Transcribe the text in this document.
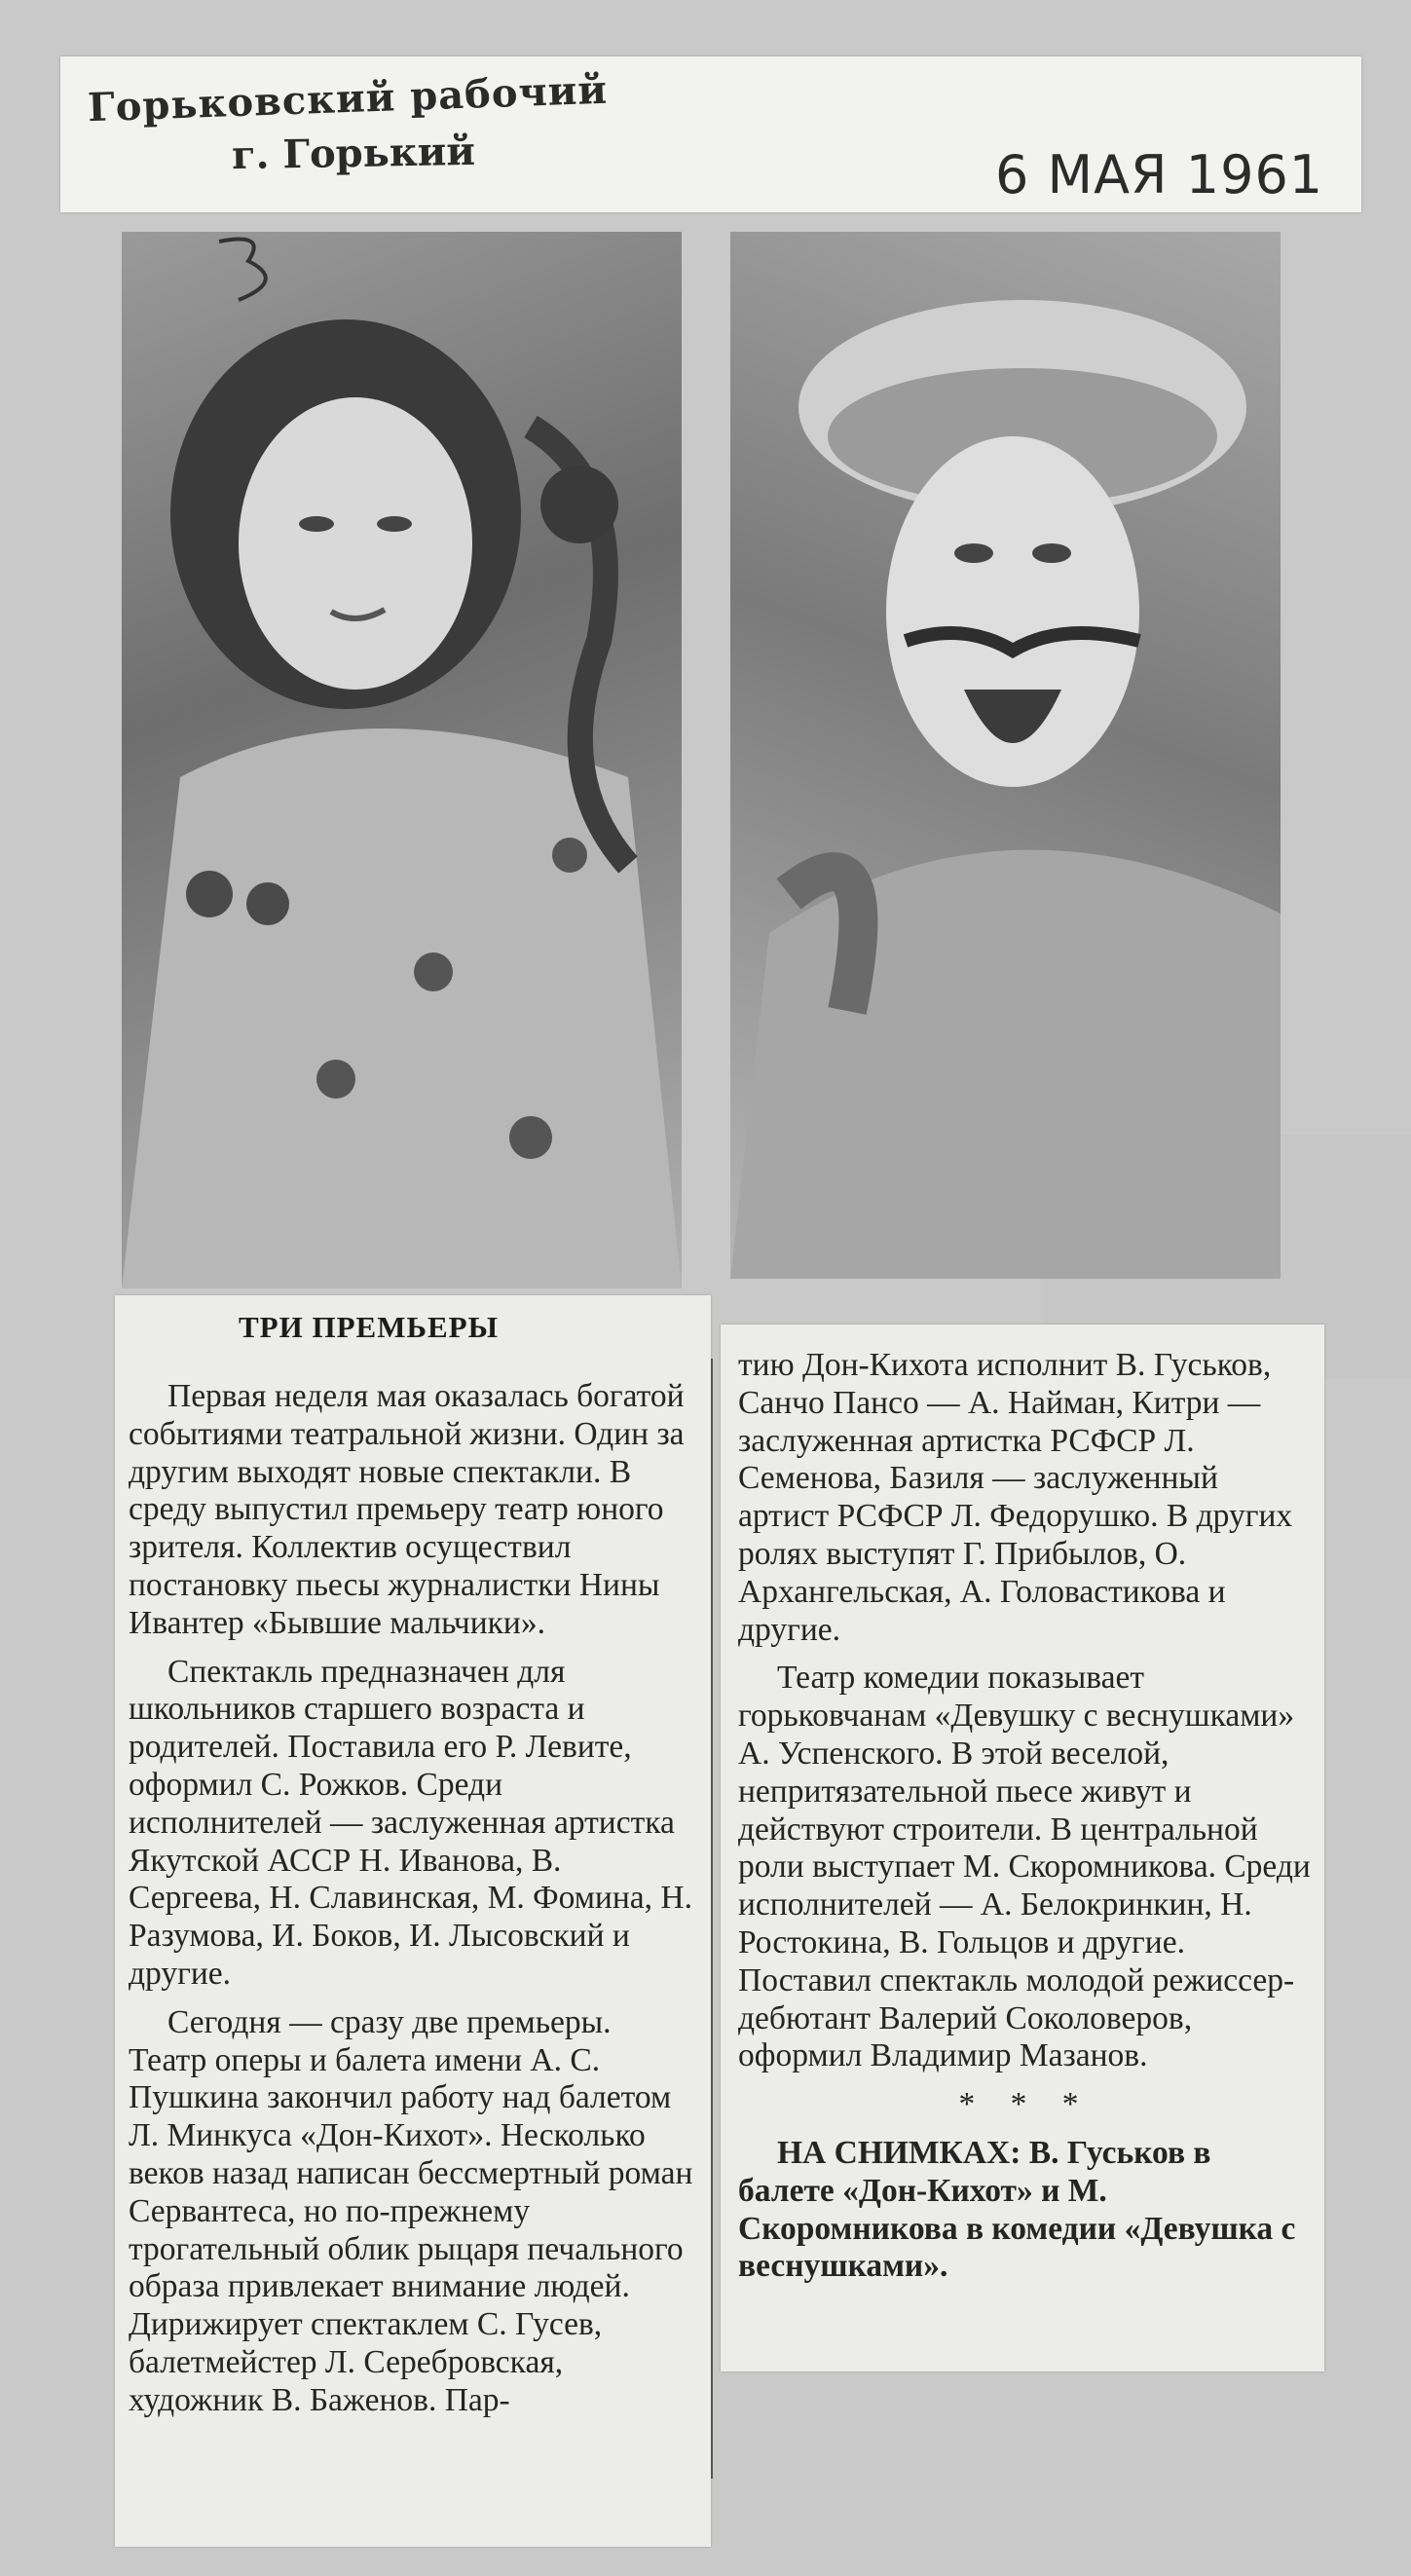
Горьковский рабочий
г. Горький	6 МАЯ 1961
ТРИ ПРЕМЬЕРЫ

Первая неделя мая оказалась богатой событиями театральной жизни. Один за другим выходят новые спектакли. В среду выпустил премьеру театр юного зрителя. Коллектив осуществил постановку пьесы журналистки Нины Ивантер «Бывшие мальчики».

Спектакль предназначен для школьников старшего возраста и родителей. Поставила его Р. Левите, оформил С. Рожков. Среди исполнителей — заслуженная артистка Якутской АССР Н. Иванова, В. Сергеева, Н. Славинская, М. Фомина, Н. Разумова, И. Боков, И. Лысовский и другие.

Сегодня — сразу две премьеры. Театр оперы и балета имени А. С. Пушкина закончил работу над балетом Л. Минкуса «Дон-Кихот». Несколько веков назад написан бессмертный роман Сервантеса, но по-прежнему трогательный облик рыцаря печального образа привлекает внимание людей. Дирижирует спектаклем С. Гусев, балетмейстер Л. Серебровская, художник В. Баженов. Пар-

тию Дон-Кихота исполнит В. Гуськов, Санчо Пансо — А. Найман, Китри — заслуженная артистка РСФСР Л. Семенова, Базиля — заслуженный артист РСФСР Л. Федорушко. В других ролях выступят Г. Прибылов, О. Архангельская, А. Головастикова и другие.

Театр комедии показывает горьковчанам «Девушку с веснушками» А. Успенского. В этой веселой, непритязательной пьесе живут и действуют строители. В центральной роли выступает М. Скоромникова. Среди исполнителей — А. Белокринкин, Н. Ростокина, В. Гольцов и другие. Поставил спектакль молодой режиссер-дебютант Валерий Соколоверов, оформил Владимир Мазанов.

* * *

НА СНИМКАХ: В. Гуськов в балете «Дон-Кихот» и М. Скоромникова в комедии «Девушка с веснушками».
